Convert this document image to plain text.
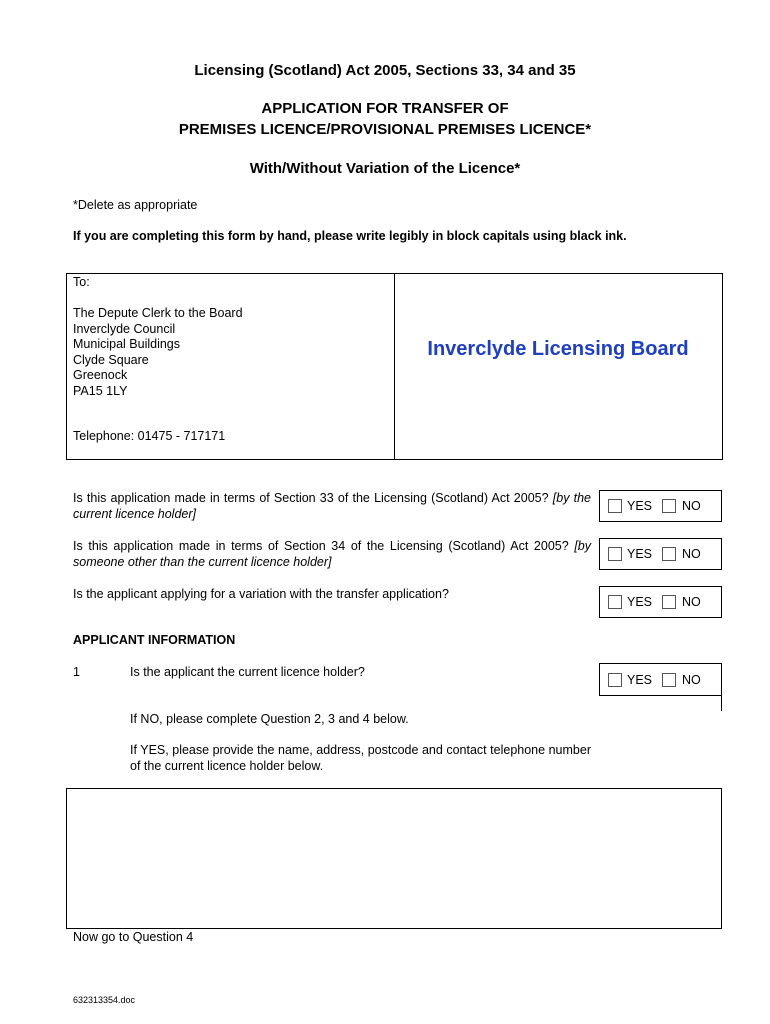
Licensing (Scotland) Act 2005, Sections 33, 34 and 35
APPLICATION FOR TRANSFER OF
PREMISES LICENCE/PROVISIONAL PREMISES LICENCE*
With/Without Variation of the Licence*
*Delete as appropriate
If you are completing this form by hand, please write legibly in block capitals using black ink.
To:
The Depute Clerk to the Board
Inverclyde Council
Municipal Buildings
Clyde Square
Greenock
PA15 1LY
Telephone: 01475 - 717171
Inverclyde Licensing Board
Is this application made in terms of Section 33 of the Licensing (Scotland) Act 2005? [by the current licence holder]
YES NO
Is this application made in terms of Section 34 of the Licensing (Scotland) Act 2005? [by someone other than the current licence holder]
YES NO
Is the applicant applying for a variation with the transfer application?
YES NO
APPLICANT INFORMATION
1	Is the applicant the current licence holder?
YES NO
If NO, please complete Question 2, 3 and 4 below.
If YES, please provide the name, address, postcode and contact telephone number of the current licence holder below.
Now go to Question 4
632313354.doc
